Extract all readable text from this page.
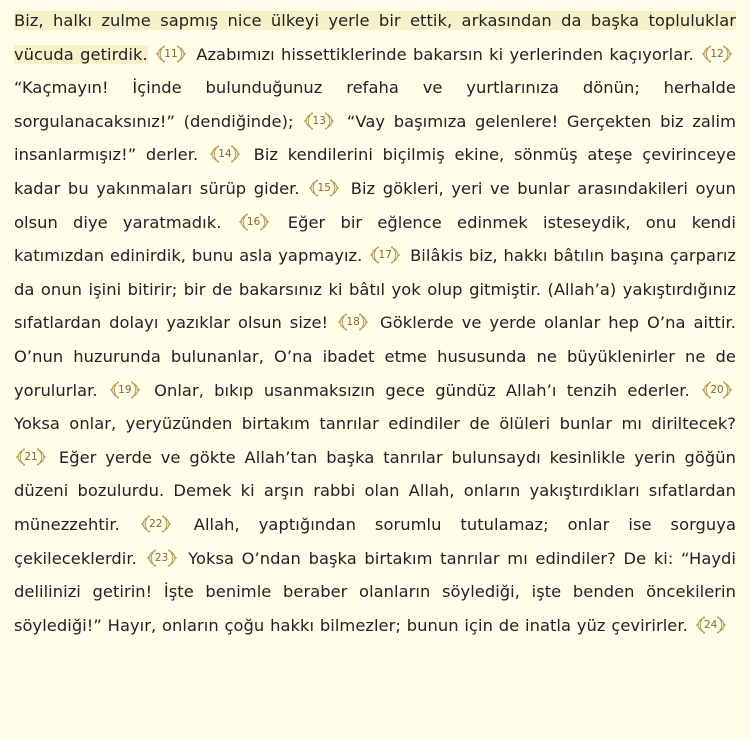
Biz, halkı zulme sapmış nice ülkeyi yerle bir ettik, arkasından da başka topluluklar vücuda getirdik.	11	Azabımızı hissettiklerinde bakarsın ki yerlerinden kaçıyorlar.	12
“Kaçmayın! İçinde bulunduğunuz refaha ve yurtlarınıza dönün; herhalde sorgulanacaksınız!” (dendiğinde);	13	“Vay başımıza gelenlere! Gerçekten biz zalim insanlarmışız!” derler.	14	Biz kendilerini biçilmiş ekine, sönmüş ateşe çevirinceye kadar bu yakınmaları sürüp gider.	15	Biz gökleri, yeri ve bunlar arasındakileri oyun olsun diye yaratmadık.	16	Eğer bir eğlence edinmek isteseydik, onu kendi katımızdan edinirdik, bunu asla yapmayız.	17	Bilâkis biz, hakkı bâtılın başına çarparız da onun işini bitirir; bir de bakarsınız ki bâtıl yok olup gitmiştir. (Allah’a) yakıştırdığınız sıfatlardan dolayı yazıklar olsun size!	18	Göklerde ve yerde olanlar hep O’na aittir. O’nun huzurunda bulunanlar, O’na ibadet etme hususunda ne büyüklenirler ne de yorulurlar.	19	Onlar, bıkıp usanmaksızın gece gündüz Allah’ı tenzih ederler.	20
Yoksa onlar, yeryüzünden birtakım tanrılar edindiler de ölüleri bunlar mı diriltecek?
21	Eğer yerde ve gökte Allah’tan başka tanrılar bulunsaydı kesinlikle yerin göğün düzeni bozulurdu. Demek ki arşın rabbi olan Allah, onların yakıştırdıkları sıfatlardan münezzehtir.	22	Allah, yaptığından sorumlu tutulamaz; onlar ise sorguya çekileceklerdir.	23	Yoksa O’ndan başka birtakım tanrılar mı edindiler? De ki: “Haydi delilinizi getirin! İşte benimle beraber olanların söylediği, işte benden öncekilerin söylediği!” Hayır, onların çoğu hakkı bilmezler; bunun için de inatla yüz çevirirler.	24
